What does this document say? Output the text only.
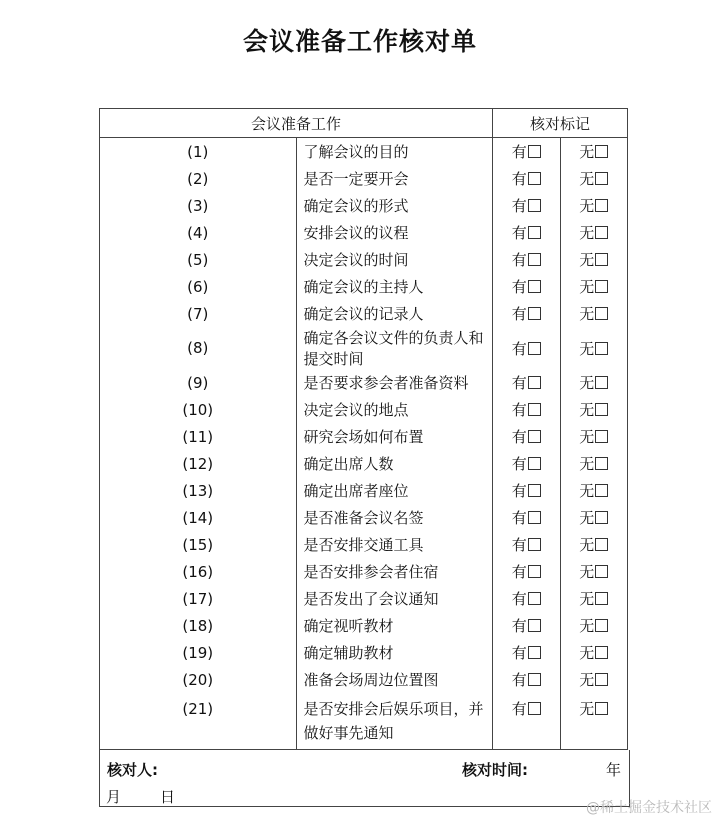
会议准备工作核对单
会议准备工作		核对标记	
(1)	了解会议的目的	有	无
(2)	是否一定要开会	有	无
(3)	确定会议的形式	有	无
(4)	安排会议的议程	有	无
(5)	决定会议的时间	有	无
(6)	确定会议的主持人	有	无
(7)	确定会议的记录人	有	无
(8)	确定各会议文件的负责人和提交时间	有	无
(9)	是否要求参会者准备资料	有	无
(10)	决定会议的地点	有	无
(11)	研究会场如何布置	有	无
(12)	确定出席人数	有	无
(13)	确定出席者座位	有	无
(14)	是否准备会议名签	有	无
(15)	是否安排交通工具	有	无
(16)	是否安排参会者住宿	有	无
(17)	是否发出了会议通知	有	无
(18)	确定视听教材	有	无
(19)	确定辅助教材	有	无
(20)	准备会场周边位置图	有	无
(21)	是否安排会后娱乐项目，并做好事先通知	有	无
核对人:	核对时间:	年
月	日
@稀土掘金技术社区
